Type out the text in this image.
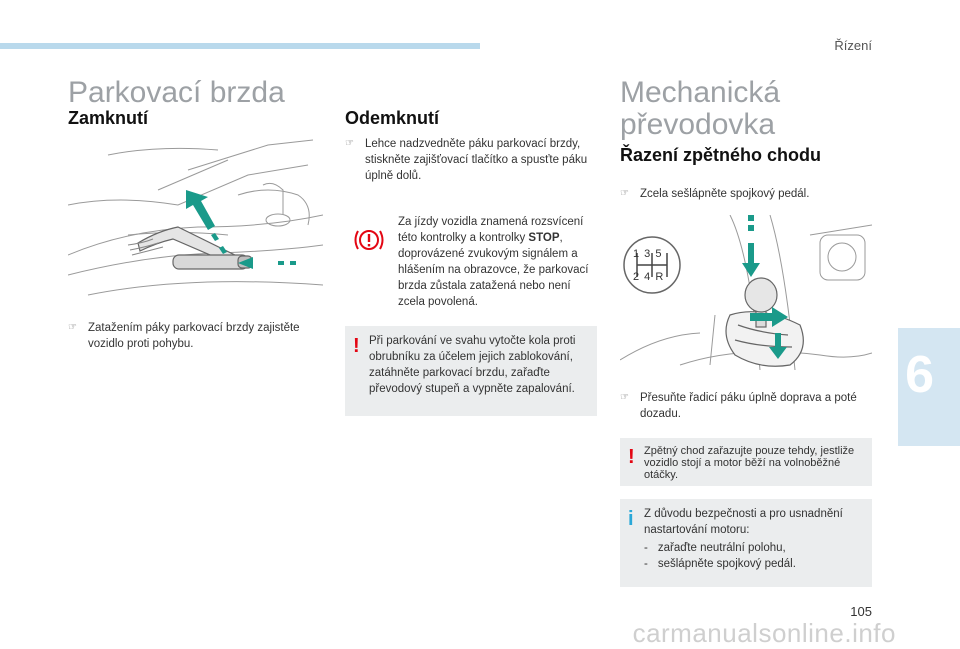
Řízení
6
Parkovací brzda
Zamknutí
☞ Zatažením páky parkovací brzdy zajistěte vozidlo proti pohybu.
Odemknutí
☞ Lehce nadzvedněte páku parkovací brzdy, stiskněte zajišťovací tlačítko a spusťte páku úplně dolů.
Za jízdy vozidla znamená rozsvícení této kontrolky a kontrolky STOP, doprovázené zvukovým signálem a hlášením na obrazovce, že parkovací brzda zůstala zatažená nebo není zcela povolená.
! Při parkování ve svahu vytočte kola proti obrubníku za účelem jejich zablokování, zatáhněte parkovací brzdu, zařaďte převodový stupeň a vypněte zapalování.
Mechanická
převodovka
Řazení zpětného chodu
☞ Zcela sešlápněte spojkový pedál.
1 3 5
2 4 R
☞ Přesuňte řadicí páku úplně doprava a poté dozadu.
! Zpětný chod zařazujte pouze tehdy, jestliže vozidlo stojí a motor běží na volnoběžné otáčky.
i Z důvodu bezpečnosti a pro usnadnění nastartování motoru:
- zařaďte neutrální polohu,
- sešlápněte spojkový pedál.
105
carmanualsonline.info
